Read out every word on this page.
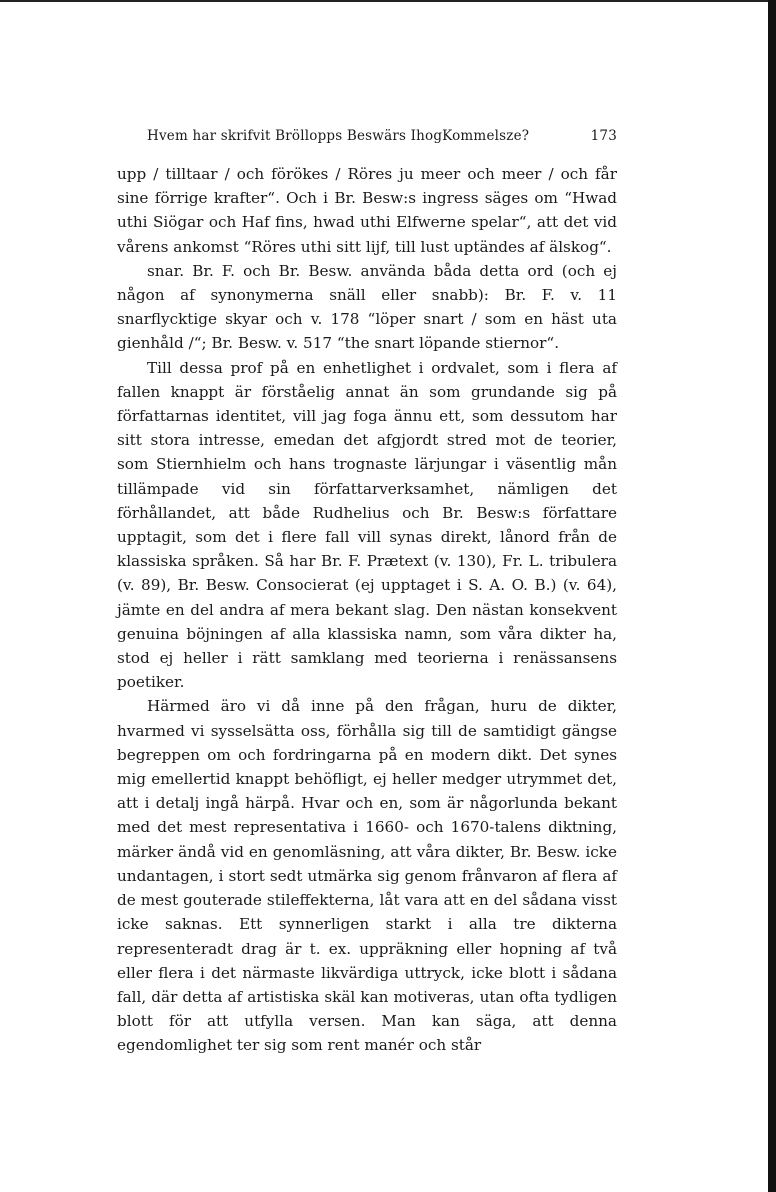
Hvem har skrifvit Bröllopps Beswärs IhogKommelsze?	173

upp / tilltaar / och förökes / Röres ju meer och meer / och får sine förrige krafter“. Och i Br. Besw:s ingress säges om “Hwad uthi Siögar och Haf fins, hwad uthi Elfwerne spelar“, att det vid vårens ankomst “Röres uthi sitt lijf, till lust uptändes af älskog“.

snar. Br. F. och Br. Besw. använda båda detta ord (och ej någon af synonymerna snäll eller snabb): Br. F. v. 11 snarflycktige skyar och v. 178 “löper snart / som en häst uta gienhåld /“; Br. Besw. v. 517 “the snart löpande stiernor“.

Till dessa prof på en enhetlighet i ordvalet, som i flera af fallen knappt är förståelig annat än som grundande sig på författarnas identitet, vill jag foga ännu ett, som dessutom har sitt stora intresse, emedan det afgjordt stred mot de teorier, som Stiernhielm och hans trognaste lärjungar i väsentlig mån tillämpade vid sin författarverksamhet, nämligen det förhållandet, att både Rudhelius och Br. Besw:s författare upptagit, som det i flere fall vill synas direkt, lånord från de klassiska språken. Så har Br. F. Prætext (v. 130), Fr. L. tribulera (v. 89), Br. Besw. Consocierat (ej upptaget i S. A. O. B.) (v. 64), jämte en del andra af mera bekant slag. Den nästan konsekvent genuina böjningen af alla klassiska namn, som våra dikter ha, stod ej heller i rätt samklang med teorierna i renässansens poetiker.

Härmed äro vi då inne på den frågan, huru de dikter, hvarmed vi sysselsätta oss, förhålla sig till de samtidigt gängse begreppen om och fordringarna på en modern dikt. Det synes mig emellertid knappt behöfligt, ej heller medger utrymmet det, att i detalj ingå härpå. Hvar och en, som är någorlunda bekant med det mest representativa i 1660- och 1670-talens diktning, märker ändå vid en genomläsning, att våra dikter, Br. Besw. icke undantagen, i stort sedt utmärka sig genom frånvaron af flera af de mest gouterade stileffekterna, låt vara att en del sådana visst icke saknas. Ett synnerligen starkt i alla tre dikterna representeradt drag är t. ex. uppräkning eller hopning af två eller flera i det närmaste likvärdiga uttryck, icke blott i sådana fall, där detta af artistiska skäl kan motiveras, utan ofta tydligen blott för att utfylla versen. Man kan säga, att denna egendomlighet ter sig som rent manér och står
